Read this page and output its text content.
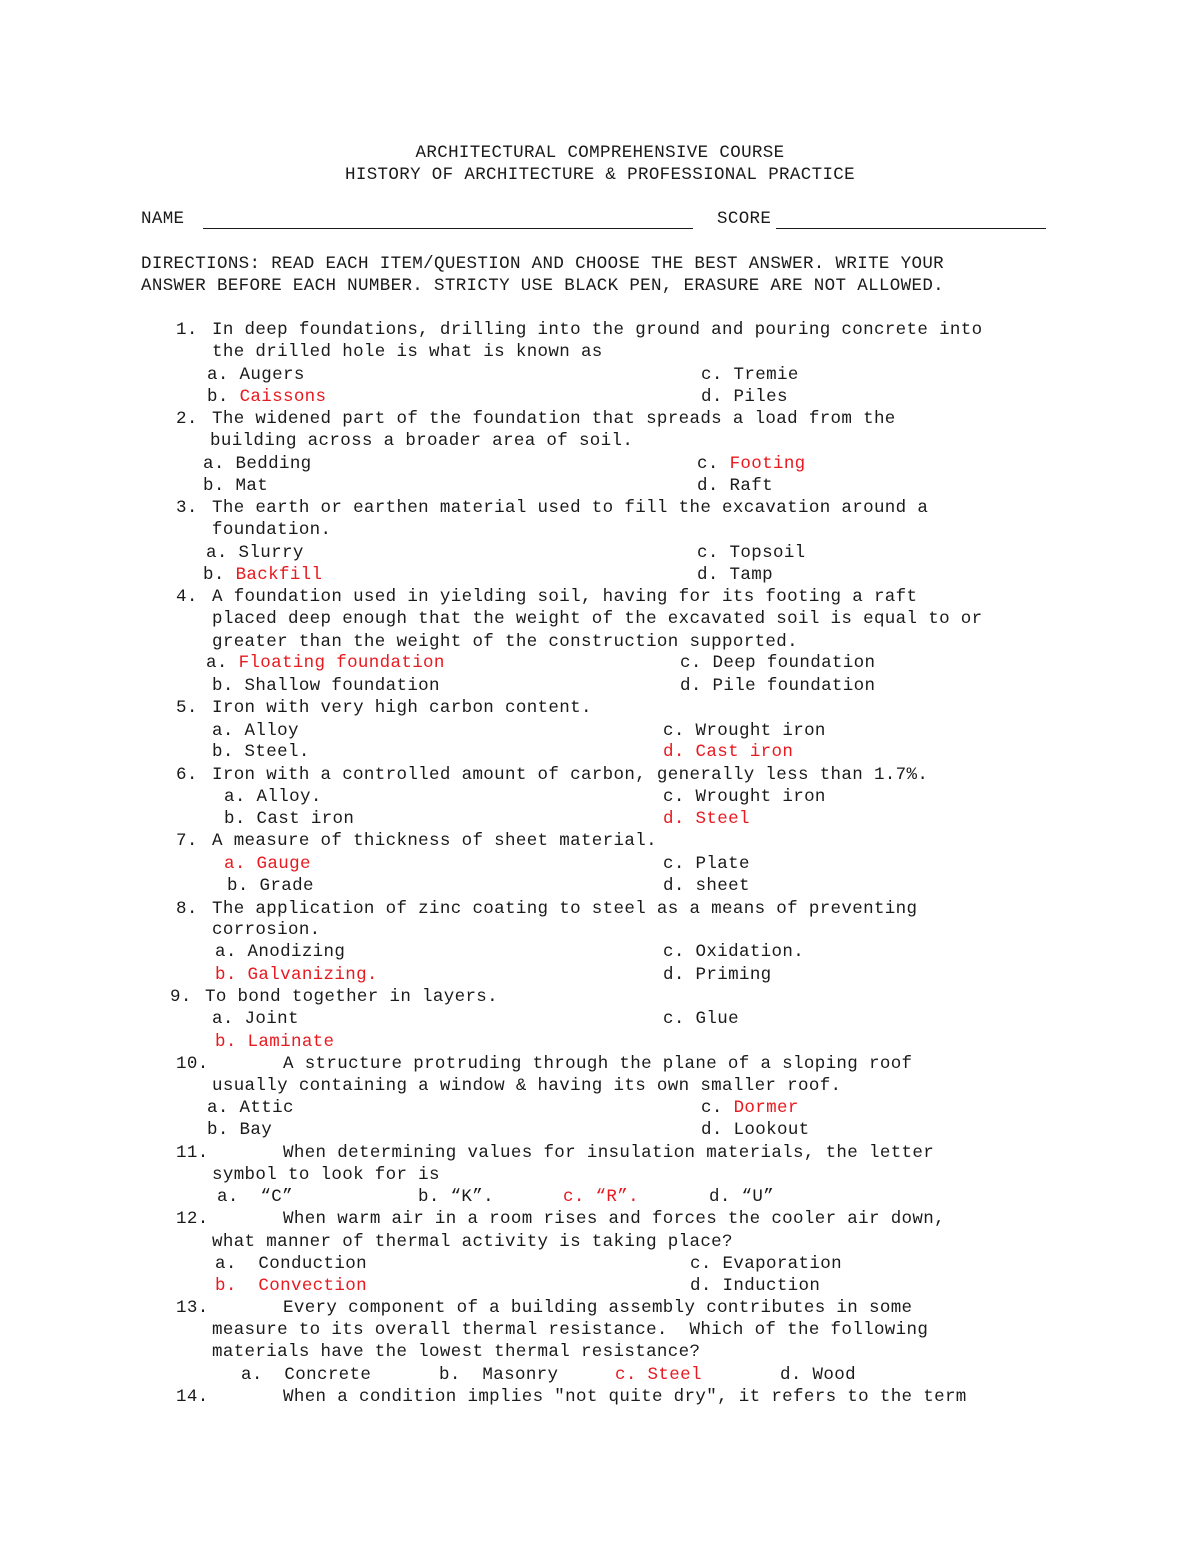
ARCHITECTURAL COMPREHENSIVE COURSE
HISTORY OF ARCHITECTURE & PROFESSIONAL PRACTICE
NAME	SCORE
DIRECTIONS: READ EACH ITEM/QUESTION AND CHOOSE THE BEST ANSWER. WRITE YOUR
ANSWER BEFORE EACH NUMBER. STRICTY USE BLACK PEN, ERASURE ARE NOT ALLOWED.
1. In deep foundations, drilling into the ground and pouring concrete into
the drilled hole is what is known as
a. Augers	c. Tremie
b. Caissons	d. Piles
2. The widened part of the foundation that spreads a load from the
building across a broader area of soil.
a. Bedding	c. Footing
b. Mat	d. Raft
3. The earth or earthen material used to fill the excavation around a
foundation.
a. Slurry	c. Topsoil
b. Backfill	d. Tamp
4. A foundation used in yielding soil, having for its footing a raft
placed deep enough that the weight of the excavated soil is equal to or
greater than the weight of the construction supported.
a. Floating foundation	c. Deep foundation
b. Shallow foundation	d. Pile foundation
5. Iron with very high carbon content.
a. Alloy	c. Wrought iron
b. Steel.	d. Cast iron
6. Iron with a controlled amount of carbon, generally less than 1.7%.
a. Alloy.	c. Wrought iron
b. Cast iron	d. Steel
7. A measure of thickness of sheet material.
a. Gauge	c. Plate
b. Grade	d. sheet
8. The application of zinc coating to steel as a means of preventing
corrosion.
a. Anodizing	c. Oxidation.
b. Galvanizing.	d. Priming
9. To bond together in layers.
a. Joint	c. Glue
b. Laminate
10.	A structure protruding through the plane of a sloping roof
usually containing a window & having its own smaller roof.
a. Attic	c. Dormer
b. Bay	d. Lookout
11.	When determining values for insulation materials, the letter
symbol to look for is
a.  “C”	b. “K”.	c. “R”.	d. “U”
12.	When warm air in a room rises and forces the cooler air down,
what manner of thermal activity is taking place?
a.  Conduction	c. Evaporation
b.  Convection	d. Induction
13.	Every component of a building assembly contributes in some
measure to its overall thermal resistance.  Which of the following
materials have the lowest thermal resistance?
a.  Concrete	b.  Masonry	c. Steel	d. Wood
14.	When a condition implies "not quite dry", it refers to the term
